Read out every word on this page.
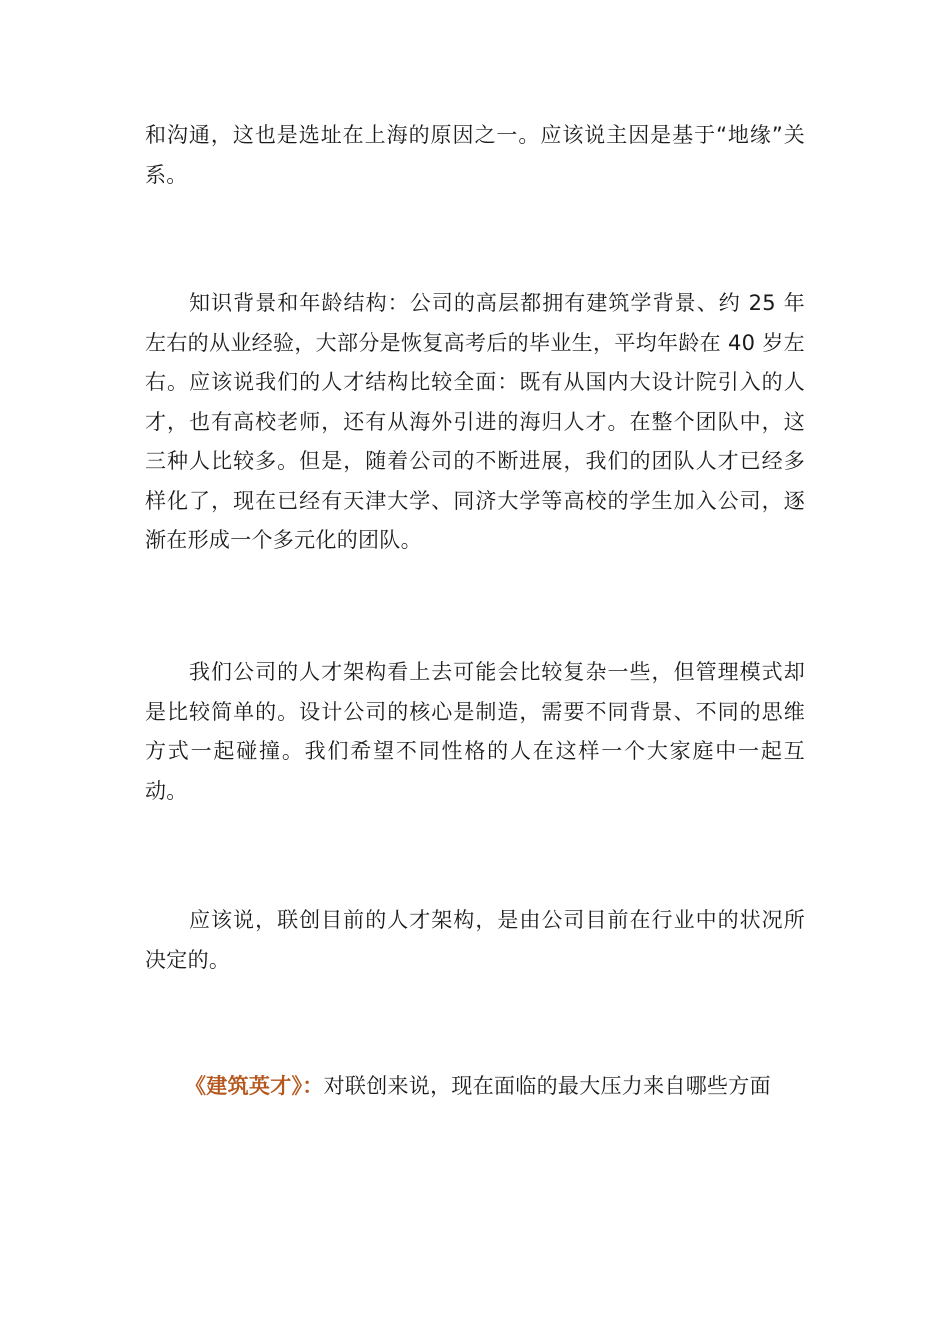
和沟通，这也是选址在上海的原因之一。应该说主因是基于“地缘”关系。

知识背景和年龄结构：公司的高层都拥有建筑学背景、约 25 年左右的从业经验，大部分是恢复高考后的毕业生，平均年龄在 40 岁左右。应该说我们的人才结构比较全面：既有从国内大设计院引入的人才，也有高校老师，还有从海外引进的海归人才。在整个团队中，这三种人比较多。但是，随着公司的不断进展，我们的团队人才已经多样化了，现在已经有天津大学、同济大学等高校的学生加入公司，逐渐在形成一个多元化的团队。

我们公司的人才架构看上去可能会比较复杂一些，但管理模式却是比较简单的。设计公司的核心是制造，需要不同背景、不同的思维方式一起碰撞。我们希望不同性格的人在这样一个大家庭中一起互动。

应该说，联创目前的人才架构，是由公司目前在行业中的状况所决定的。

《建筑英才》：对联创来说，现在面临的最大压力来自哪些方面
